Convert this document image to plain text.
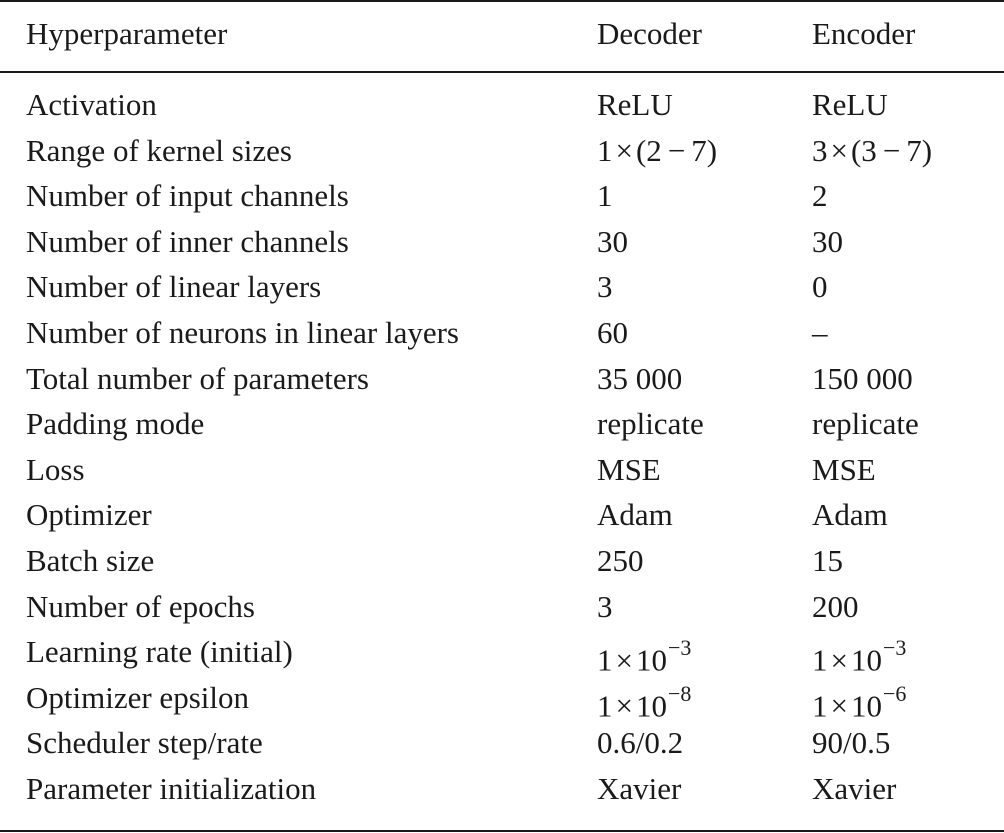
Hyperparameter	Decoder	Encoder
Activation	ReLU	ReLU
Range of kernel sizes	1×(2 − 7)	3×(3 − 7)
Number of input channels	1	2
Number of inner channels	30	30
Number of linear layers	3	0
Number of neurons in linear layers	60	–
Total number of parameters	35 000	150 000
Padding mode	replicate	replicate
Loss	MSE	MSE
Optimizer	Adam	Adam
Batch size	250	15
Number of epochs	3	200
Learning rate (initial)	$1\times 10^{-3}$	$1\times 10^{-3}$
Optimizer epsilon	$1\times 10^{-8}$	$1\times 10^{-6}$
Scheduler step/rate	0.6/0.2	90/0.5
Parameter initialization	Xavier	Xavier
